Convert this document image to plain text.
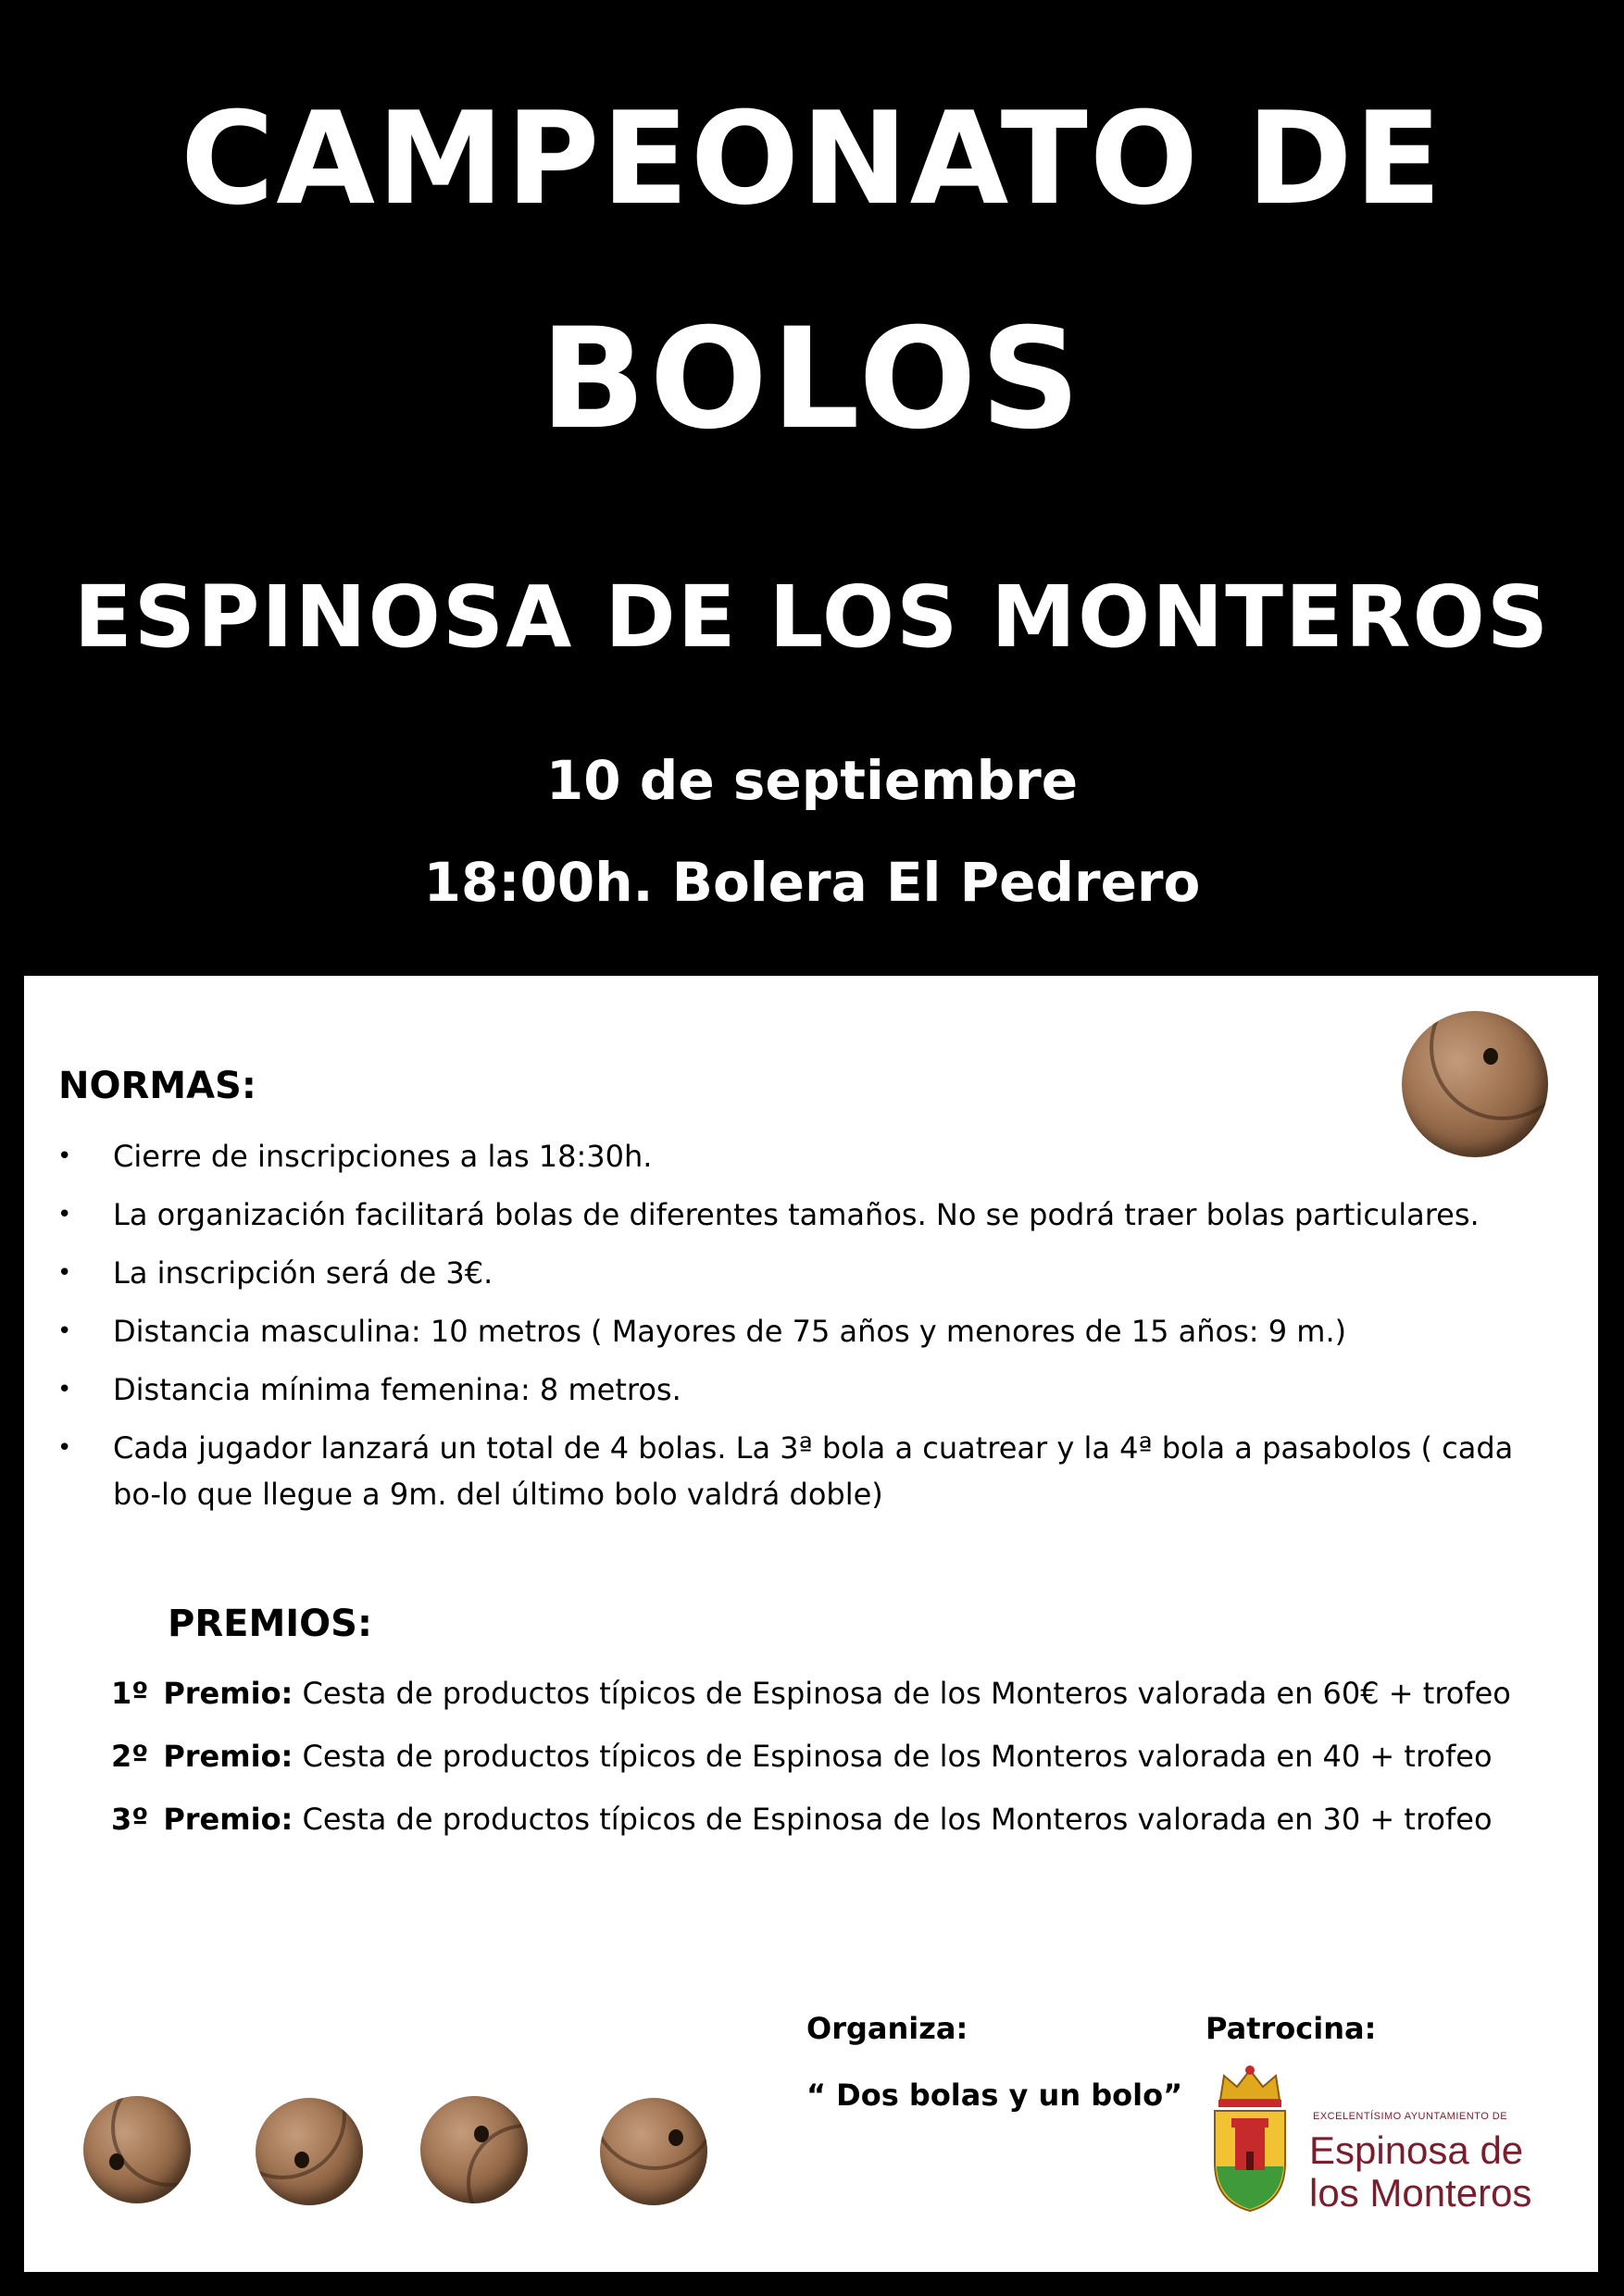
CAMPEONATO DE
BOLOS
ESPINOSA DE LOS MONTEROS
10 de septiembre
18:00h. Bolera El Pedrero
NORMAS:
• Cierre de inscripciones a las 18:30h.
• La organización facilitará bolas de diferentes tamaños. No se podrá traer bolas particulares.
• La inscripción será de 3€.
• Distancia masculina: 10 metros ( Mayores de 75 años y menores de 15 años: 9 m.)
• Distancia mínima femenina: 8 metros.
• Cada jugador lanzará un total de 4 bolas. La 3ª bola a cuatrear y la 4ª bola a pasabolos ( cada bo-lo que llegue a 9m. del último bolo valdrá doble)
PREMIOS:
1º Premio: Cesta de productos típicos de Espinosa de los Monteros valorada en 60€ + trofeo
2º Premio: Cesta de productos típicos de Espinosa de los Monteros valorada en 40 + trofeo
3º Premio: Cesta de productos típicos de Espinosa de los Monteros valorada en 30 + trofeo
Organiza:
“ Dos bolas y un bolo”
Patrocina:
EXCELENTÍSIMO AYUNTAMIENTO DE
Espinosa de
los Monteros
